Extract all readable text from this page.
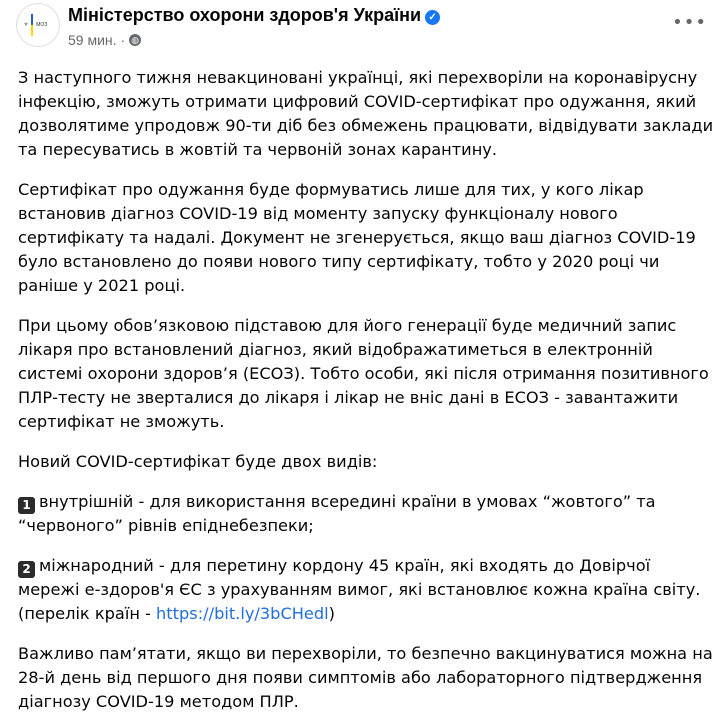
⚜ МОЗ Міністерство охорони здоров'я України ✓
59 мин. · ◍
•••
З наступного тижня невакциновані українці, які перехворіли на коронавірусну
інфекцію, зможуть отримати цифровий COVID-сертифікат про одужання, який
дозволятиме упродовж 90-ти діб без обмежень працювати, відвідувати заклади
та пересуватись в жовтій та червоній зонах карантину.
Сертифікат про одужання буде формуватись лише для тих, у кого лікар
встановив діагноз COVID-19 від моменту запуску функціоналу нового
сертифікату та надалі. Документ не згенерується, якщо ваш діагноз COVID-19
було встановлено до появи нового типу сертифікату, тобто у 2020 році чи
раніше у 2021 році.
При цьому обов’язковою підставою для його генерації буде медичний запис
лікаря про встановлений діагноз, який відображатиметься в електронній
системі охорони здоров’я (ЕСОЗ). Тобто особи, які після отримання позитивного
ПЛР-тесту не зверталися до лікаря і лікар не вніс дані в ЕСОЗ - завантажити
сертифікат не зможуть.
Новий COVID-сертифікат буде двох видів:
1 внутрішній - для використання всередині країни в умовах “жовтого” та
“червоного” рівнів епіднебезпеки;
2 міжнародний - для перетину кордону 45 країн, які входять до Довірчої
мережі е-здоров'я ЄС з урахуванням вимог, які встановлює кожна країна світу.
(перелік країн - https://bit.ly/3bCHedl)
Важливо пам’ятати, якщо ви перехворіли, то безпечно вакцинуватися можна на
28-й день від першого дня появи симптомів або лабораторного підтвердження
діагнозу COVID-19 методом ПЛР.
